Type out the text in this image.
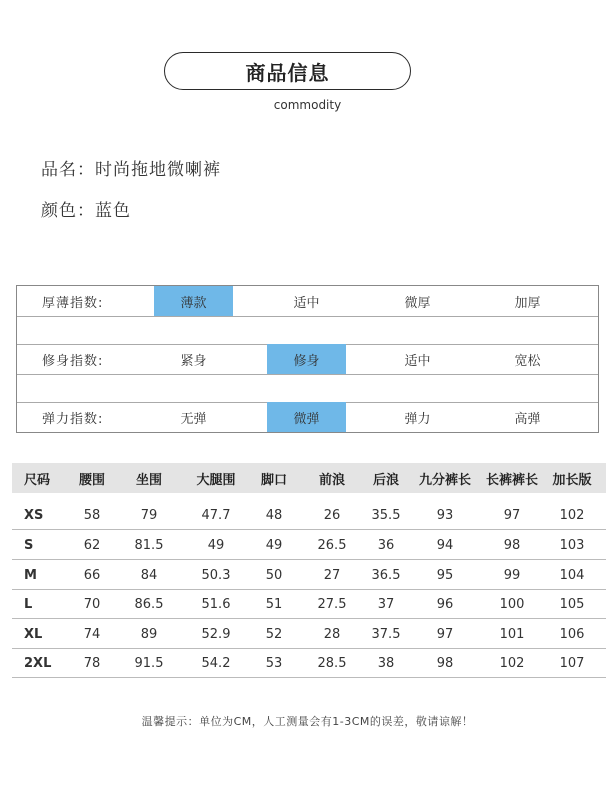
商品信息
commodity
品名：时尚拖地微喇裤
颜色：蓝色
厚薄指数:	薄款	适中	微厚	加厚
修身指数:	紧身	修身	适中	宽松
弹力指数:	无弹	微弹	弹力	高弹
尺码	腰围	坐围	大腿围	脚口	前浪	后浪	九分裤长	长裤裤长	加长版
XS	58	79	47.7	48	26	35.5	93	97	102
S	62	81.5	49	49	26.5	36	94	98	103
M	66	84	50.3	50	27	36.5	95	99	104
L	70	86.5	51.6	51	27.5	37	96	100	105
XL	74	89	52.9	52	28	37.5	97	101	106
2XL	78	91.5	54.2	53	28.5	38	98	102	107
温馨提示：单位为CM，人工测量会有1-3CM的误差，敬请谅解！
